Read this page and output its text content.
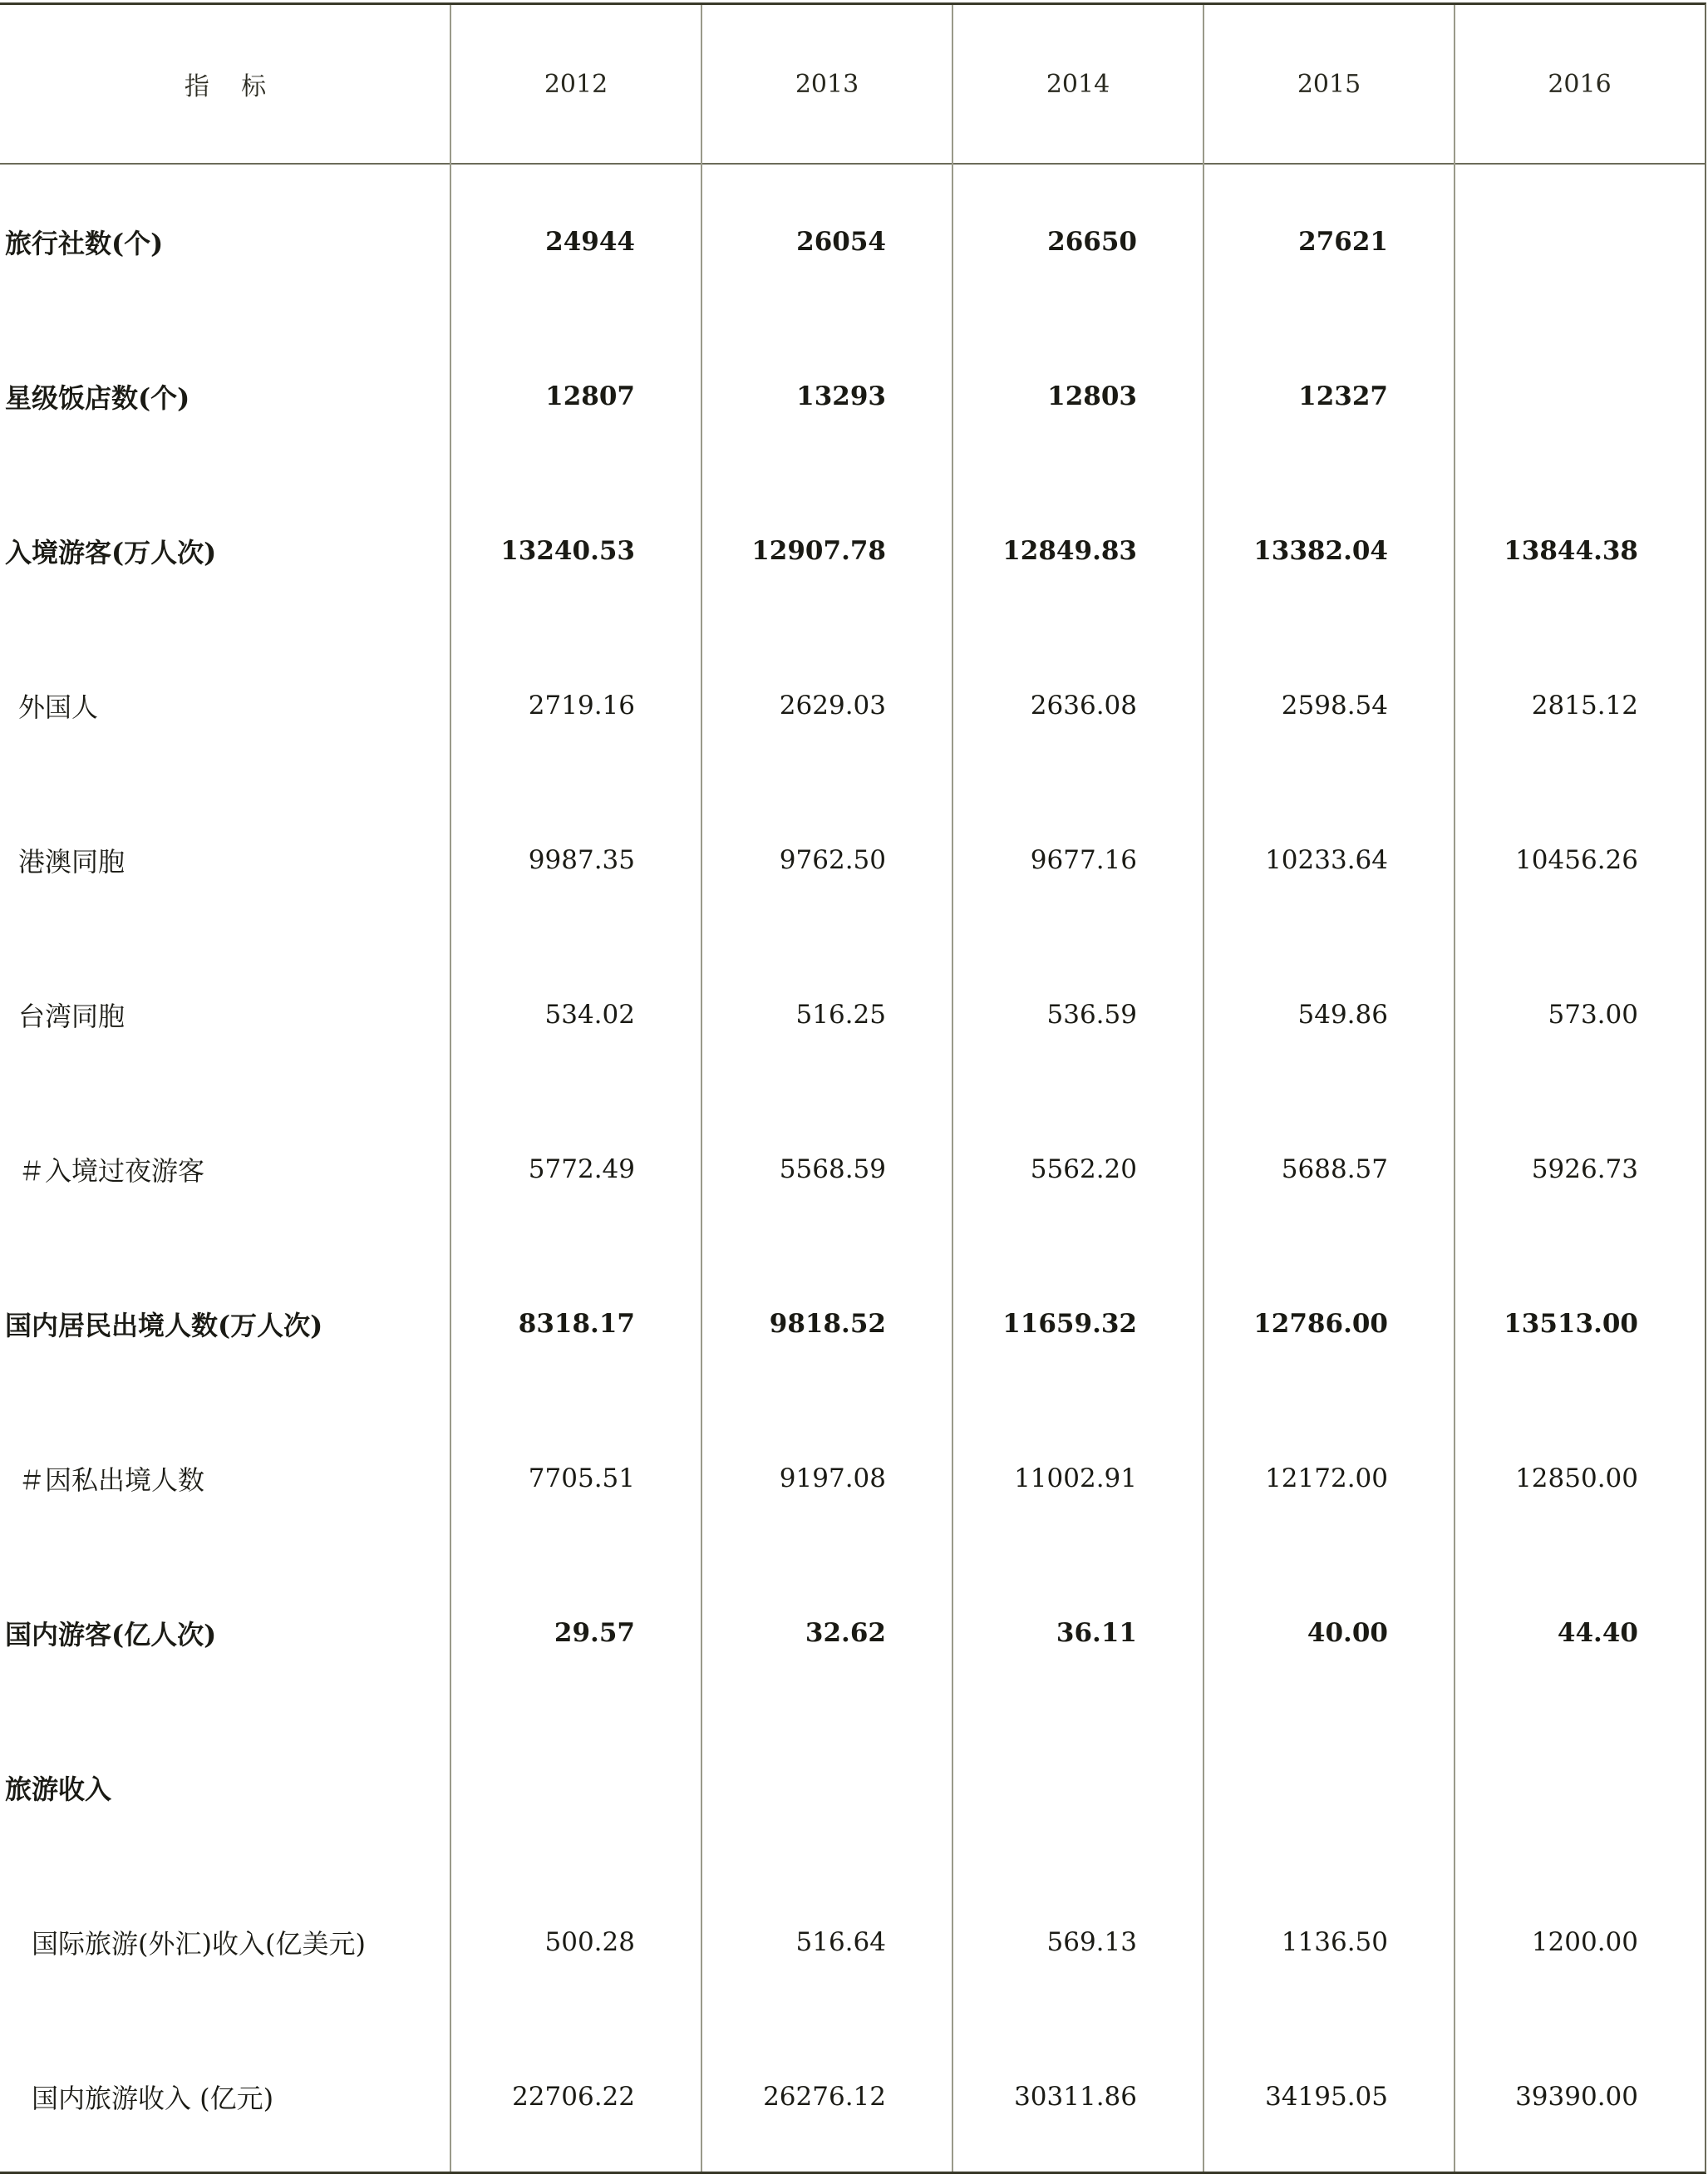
指    标	2012	2013	2014	2015	2016
旅行社数(个)	24944	26054	26650	27621
星级饭店数(个)	12807	13293	12803	12327
入境游客(万人次)	13240.53	12907.78	12849.83	13382.04	13844.38
外国人	2719.16	2629.03	2636.08	2598.54	2815.12
港澳同胞	9987.35	9762.50	9677.16	10233.64	10456.26
台湾同胞	534.02	516.25	536.59	549.86	573.00
＃入境过夜游客	5772.49	5568.59	5562.20	5688.57	5926.73
国内居民出境人数(万人次)	8318.17	9818.52	11659.32	12786.00	13513.00
＃因私出境人数	7705.51	9197.08	11002.91	12172.00	12850.00
国内游客(亿人次)	29.57	32.62	36.11	40.00	44.40
旅游收入
国际旅游(外汇)收入(亿美元)	500.28	516.64	569.13	1136.50	1200.00
国内旅游收入 (亿元)	22706.22	26276.12	30311.86	34195.05	39390.00
